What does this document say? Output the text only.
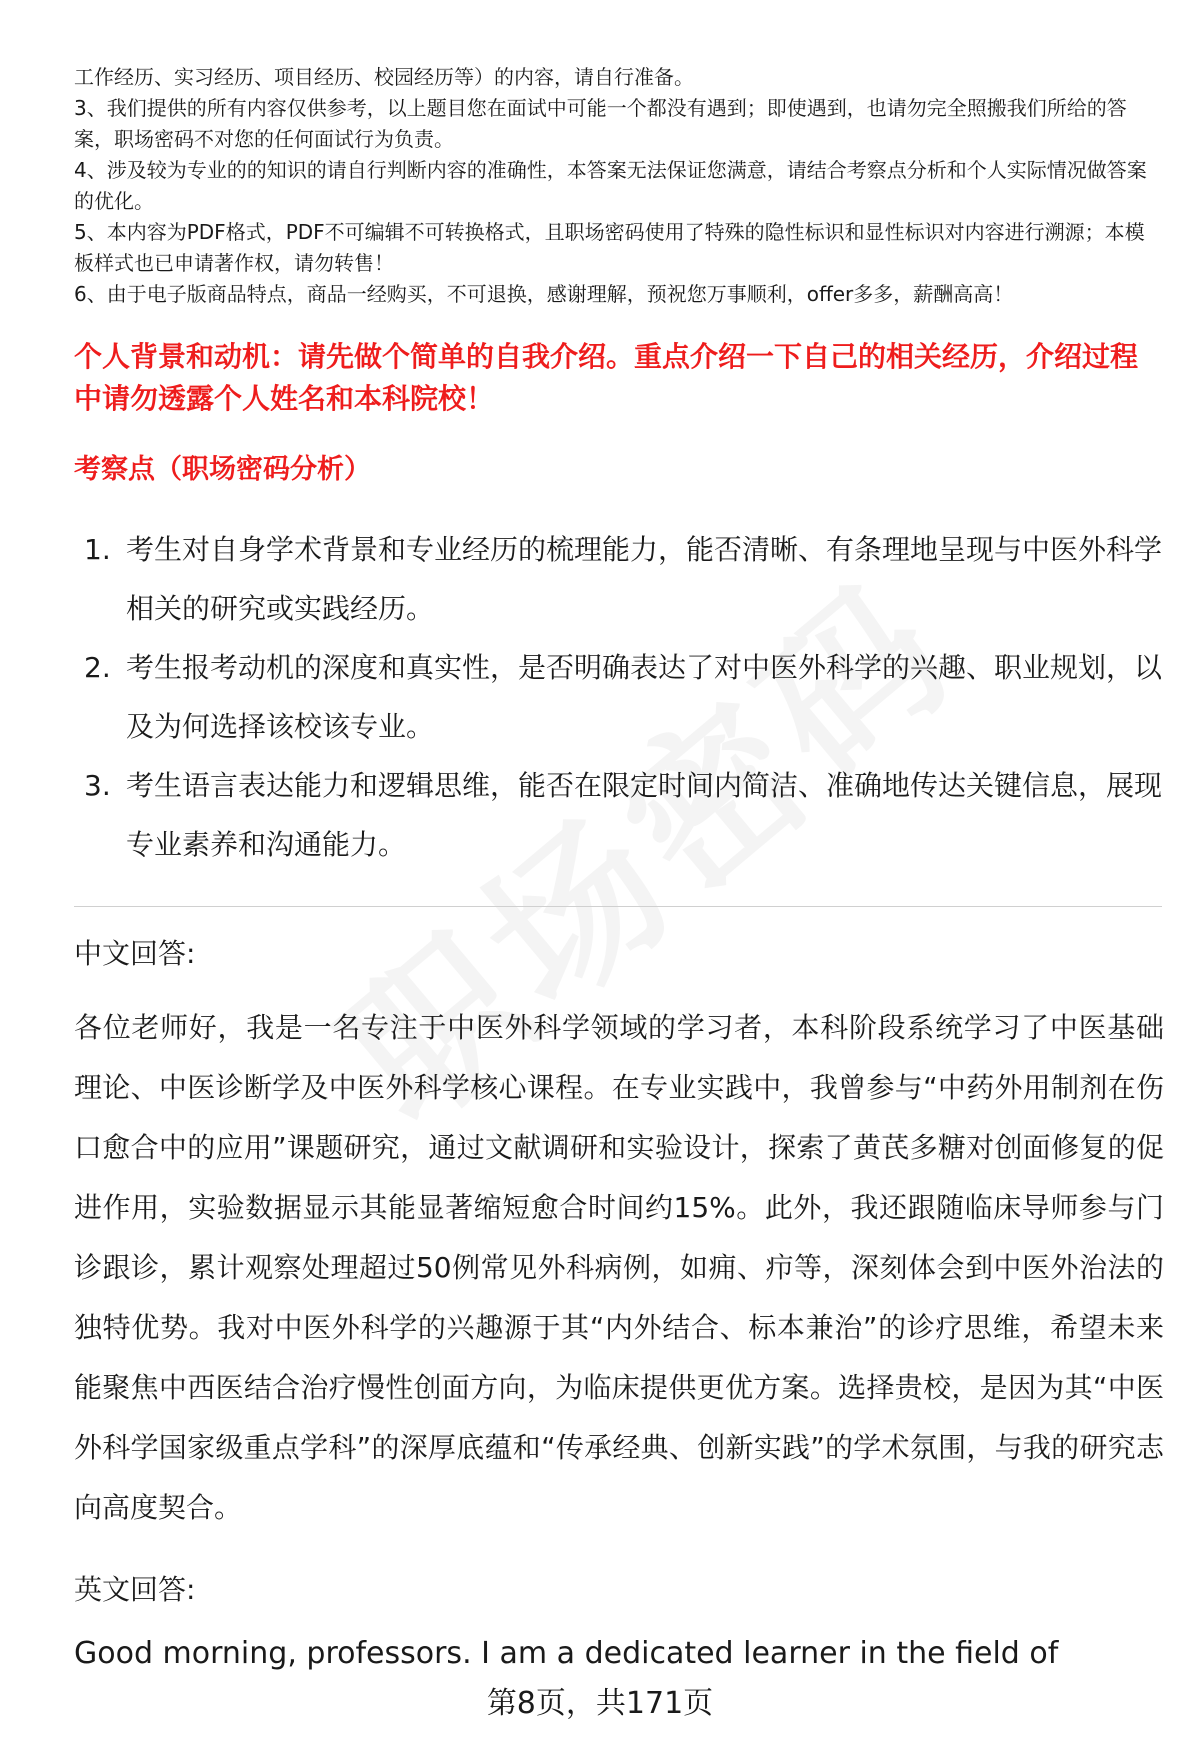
工作经历、实习经历、项目经历、校园经历等）的内容，请自行准备。

3、我们提供的所有内容仅供参考，以上题目您在面试中可能一个都没有遇到；即使遇到，也请勿完全照搬我们所给的答案，职场密码不对您的任何面试行为负责。

4、涉及较为专业的的知识的请自行判断内容的准确性，本答案无法保证您满意，请结合考察点分析和个人实际情况做答案的优化。

5、本内容为PDF格式，PDF不可编辑不可转换格式，且职场密码使用了特殊的隐性标识和显性标识对内容进行溯源；本模板样式也已申请著作权，请勿转售！

6、由于电子版商品特点，商品一经购买，不可退换，感谢理解，预祝您万事顺利，offer多多，薪酬高高！

个人背景和动机：请先做个简单的自我介绍。重点介绍一下自己的相关经历，介绍过程中请勿透露个人姓名和本科院校！
考察点（职场密码分析）
1. 考生对自身学术背景和专业经历的梳理能力，能否清晰、有条理地呈现与中医外科学相关的研究或实践经历。
2. 考生报考动机的深度和真实性，是否明确表达了对中医外科学的兴趣、职业规划，以及为何选择该校该专业。
3. 考生语言表达能力和逻辑思维，能否在限定时间内简洁、准确地传达关键信息，展现专业素养和沟通能力。
中文回答:

各位老师好，我是一名专注于中医外科学领域的学习者，本科阶段系统学习了中医基础理论、中医诊断学及中医外科学核心课程。在专业实践中，我曾参与“中药外用制剂在伤口愈合中的应用”课题研究，通过文献调研和实验设计，探索了黄芪多糖对创面修复的促进作用，实验数据显示其能显著缩短愈合时间约15%。此外，我还跟随临床导师参与门诊跟诊，累计观察处理超过50例常见外科病例，如痈、疖等，深刻体会到中医外治法的独特优势。我对中医外科学的兴趣源于其“内外结合、标本兼治”的诊疗思维，希望未来能聚焦中西医结合治疗慢性创面方向，为临床提供更优方案。选择贵校，是因为其“中医外科学国家级重点学科”的深厚底蕴和“传承经典、创新实践”的学术氛围，与我的研究志向高度契合。

英文回答:

Good morning, professors. I am a dedicated learner in the field of

第8页，共171页
